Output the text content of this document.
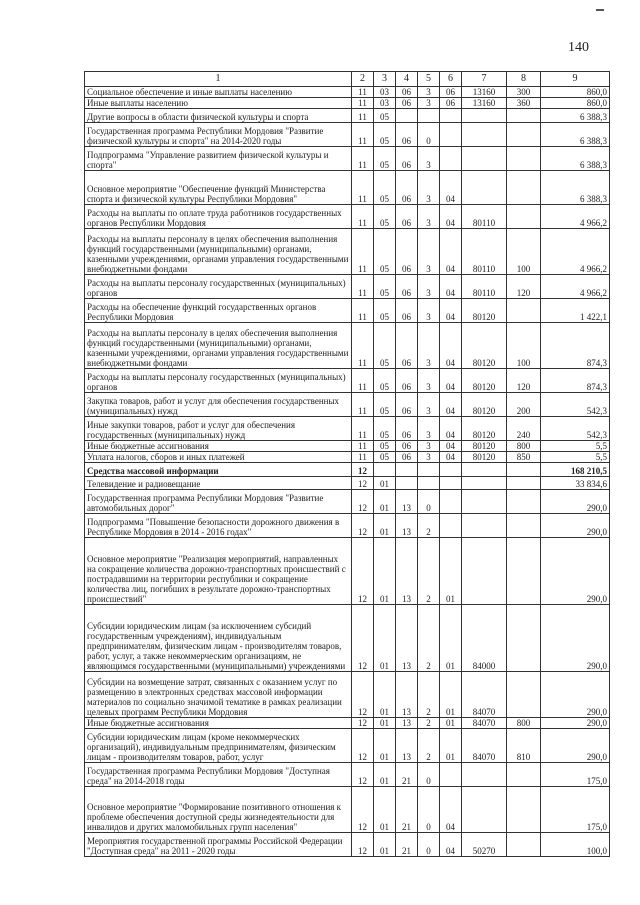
140
1	2	3	4	5	6	7	8	9
Социальное обеспечение и иные выплаты населению	11	03	06	3	06	13160	300	860,0
Иные выплаты населению	11	03	06	3	06	13160	360	860,0
Другие вопросы в области физической культуры и спорта	11	05						6 388,3
Государственная программа Республики Мордовия "Развитие физической культуры и спорта" на 2014-2020 годы	11	05	06	0				6 388,3
Подпрограмма "Управление развитием физической культуры и спорта"	11	05	06	3				6 388,3
Основное мероприятие "Обеспечение функций Министерства спорта и физической культуры Республики Мордовия"	11	05	06	3	04			6 388,3
Расходы на выплаты по оплате труда работников государственных органов Республики Мордовия	11	05	06	3	04	80110		4 966,2
Расходы на выплаты персоналу в целях обеспечения выполнения функций государственными (муниципальными) органами, казенными учреждениями, органами управления государственными внебюджетными фондами	11	05	06	3	04	80110	100	4 966,2
Расходы на выплаты персоналу государственных (муниципальных) органов	11	05	06	3	04	80110	120	4 966,2
Расходы на обеспечение функций государственных органов Республики Мордовия	11	05	06	3	04	80120		1 422,1
Расходы на выплаты персоналу в целях обеспечения выполнения функций государственными (муниципальными) органами, казенными учреждениями, органами управления государственными внебюджетными фондами	11	05	06	3	04	80120	100	874,3
Расходы на выплаты персоналу государственных (муниципальных) органов	11	05	06	3	04	80120	120	874,3
Закупка товаров, работ и услуг для обеспечения государственных (муниципальных) нужд	11	05	06	3	04	80120	200	542,3
Иные закупки товаров, работ и услуг для обеспечения государственных (муниципальных) нужд	11	05	06	3	04	80120	240	542,3
Иные бюджетные ассигнования	11	05	06	3	04	80120	800	5,5
Уплата налогов, сборов и иных платежей	11	05	06	3	04	80120	850	5,5
Средства массовой информации	12							168 210,5
Телевидение и радиовещание	12	01						33 834,6
Государственная программа Республики Мордовия "Развитие автомобильных дорог"	12	01	13	0				290,0
Подпрограмма "Повышение безопасности дорожного движения в Республике Мордовия в 2014 - 2016 годах"	12	01	13	2				290,0
Основное мероприятие "Реализация мероприятий, направленных на сокращение количества дорожно-транспортных происшествий с пострадавшими на территории республики и сокращение количества лиц, погибших в результате дорожно-транспортных происшествий"	12	01	13	2	01			290,0
Субсидии юридическим лицам (за исключением субсидий государственным учреждениям), индивидуальным предпринимателям, физическим лицам - производителям товаров, работ, услуг, а также некоммерческим организациям, не являющимся государственными (муниципальными) учреждениями	12	01	13	2	01	84000		290,0
Субсидии на возмещение затрат, связанных с оказанием услуг по размещению в электронных средствах массовой информации материалов по социально значимой тематике в рамках реализации целевых программ Республики Мордовия	12	01	13	2	01	84070		290,0
Иные бюджетные ассигнования	12	01	13	2	01	84070	800	290,0
Субсидии юридическим лицам (кроме некоммерческих организаций), индивидуальным предпринимателям, физическим лицам - производителям товаров, работ, услуг	12	01	13	2	01	84070	810	290,0
Государственная программа Республики Мордовия "Доступная среда" на 2014-2018 годы	12	01	21	0				175,0
Основное мероприятие "Формирование позитивного отношения к проблеме обеспечения доступной среды жизнедеятельности для инвалидов и других маломобильных групп населения"	12	01	21	0	04			175,0
Мероприятия государственной программы Российской Федерации "Доступная среда" на 2011 - 2020 годы	12	01	21	0	04	50270		100,0
